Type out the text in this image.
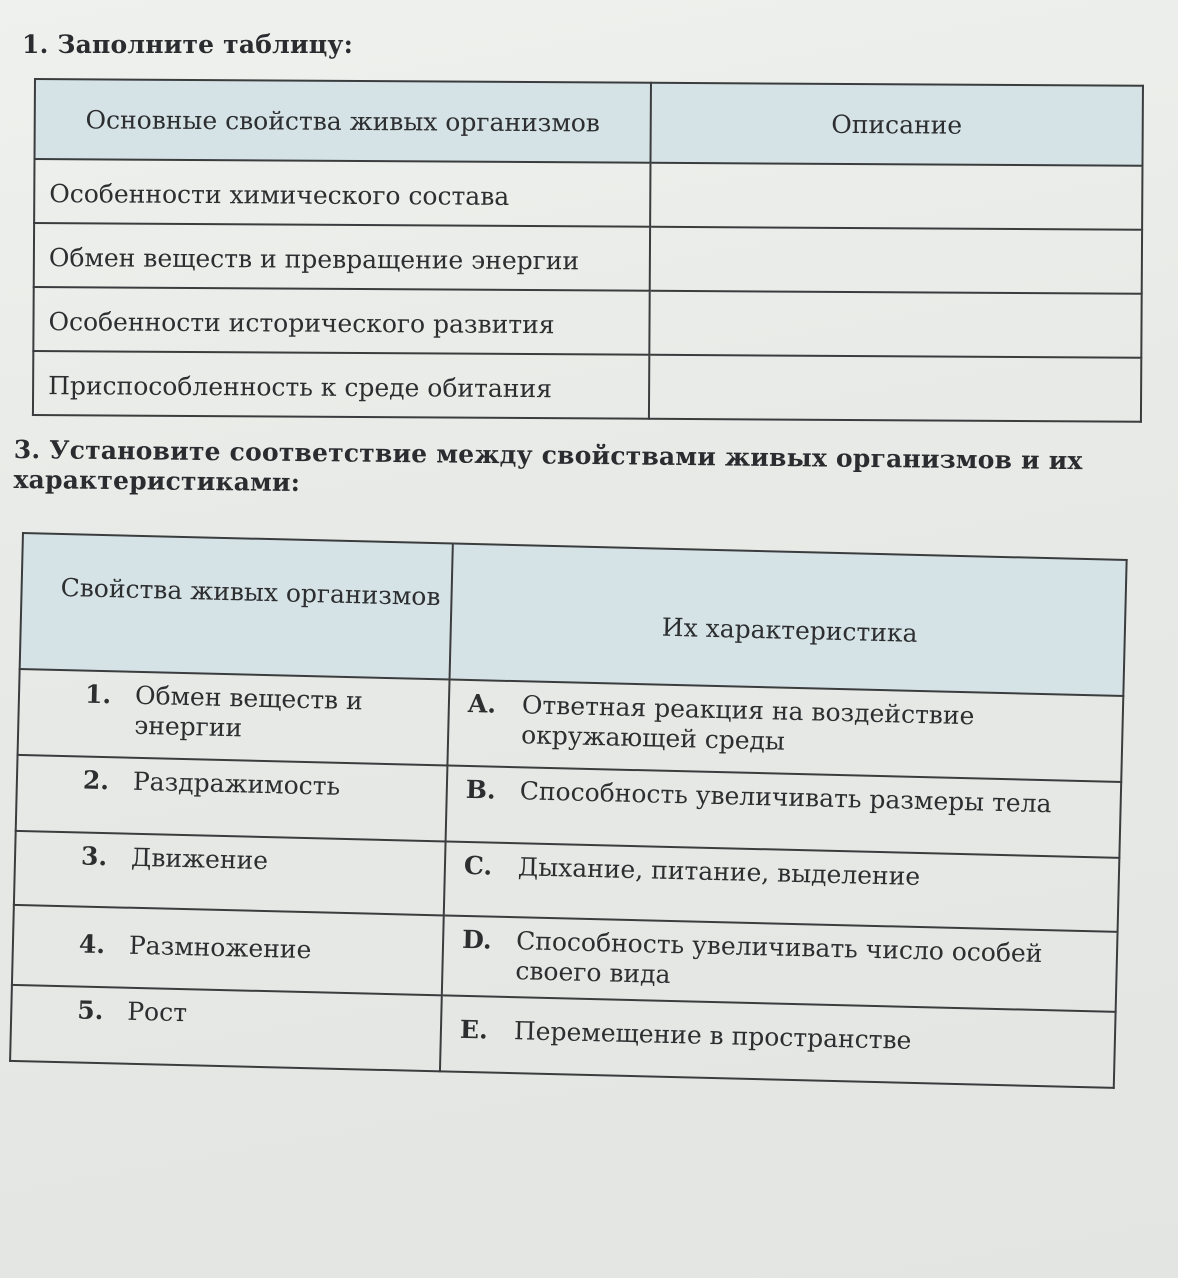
1. Заполните таблицу:
Основные свойства живых организмов	Описание
Особенности химического состава	
Обмен веществ и превращение энергии	
Особенности исторического развития	
Приспособленность к среде обитания	
3. Установите соответствие между свойствами живых организмов и их характеристиками:
Свойства живых организмов	Их характеристика

1. Обмен веществ и энергии	A. Ответная реакция на воздействие окружающей среды

2. Раздражимость	B. Способность увеличивать размеры тела

3. Движение	C. Дыхание, питание, выделение

4. Размножение	D. Способность увеличивать число особей своего вида

5. Рост	E. Перемещение в пространстве
